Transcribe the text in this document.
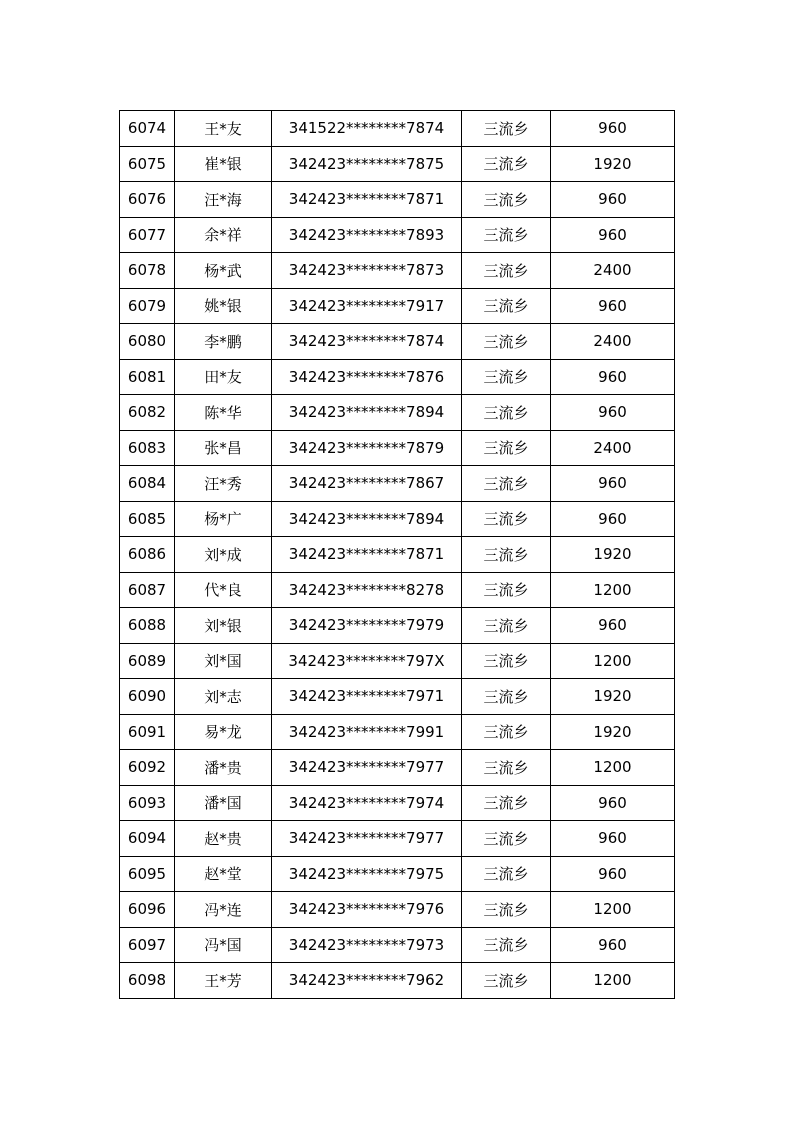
6074	王*友	341522********7874	三流乡	960
6075	崔*银	342423********7875	三流乡	1920
6076	汪*海	342423********7871	三流乡	960
6077	余*祥	342423********7893	三流乡	960
6078	杨*武	342423********7873	三流乡	2400
6079	姚*银	342423********7917	三流乡	960
6080	李*鹏	342423********7874	三流乡	2400
6081	田*友	342423********7876	三流乡	960
6082	陈*华	342423********7894	三流乡	960
6083	张*昌	342423********7879	三流乡	2400
6084	汪*秀	342423********7867	三流乡	960
6085	杨*广	342423********7894	三流乡	960
6086	刘*成	342423********7871	三流乡	1920
6087	代*良	342423********8278	三流乡	1200
6088	刘*银	342423********7979	三流乡	960
6089	刘*国	342423********797X	三流乡	1200
6090	刘*志	342423********7971	三流乡	1920
6091	易*龙	342423********7991	三流乡	1920
6092	潘*贵	342423********7977	三流乡	1200
6093	潘*国	342423********7974	三流乡	960
6094	赵*贵	342423********7977	三流乡	960
6095	赵*堂	342423********7975	三流乡	960
6096	冯*连	342423********7976	三流乡	1200
6097	冯*国	342423********7973	三流乡	960
6098	王*芳	342423********7962	三流乡	1200
